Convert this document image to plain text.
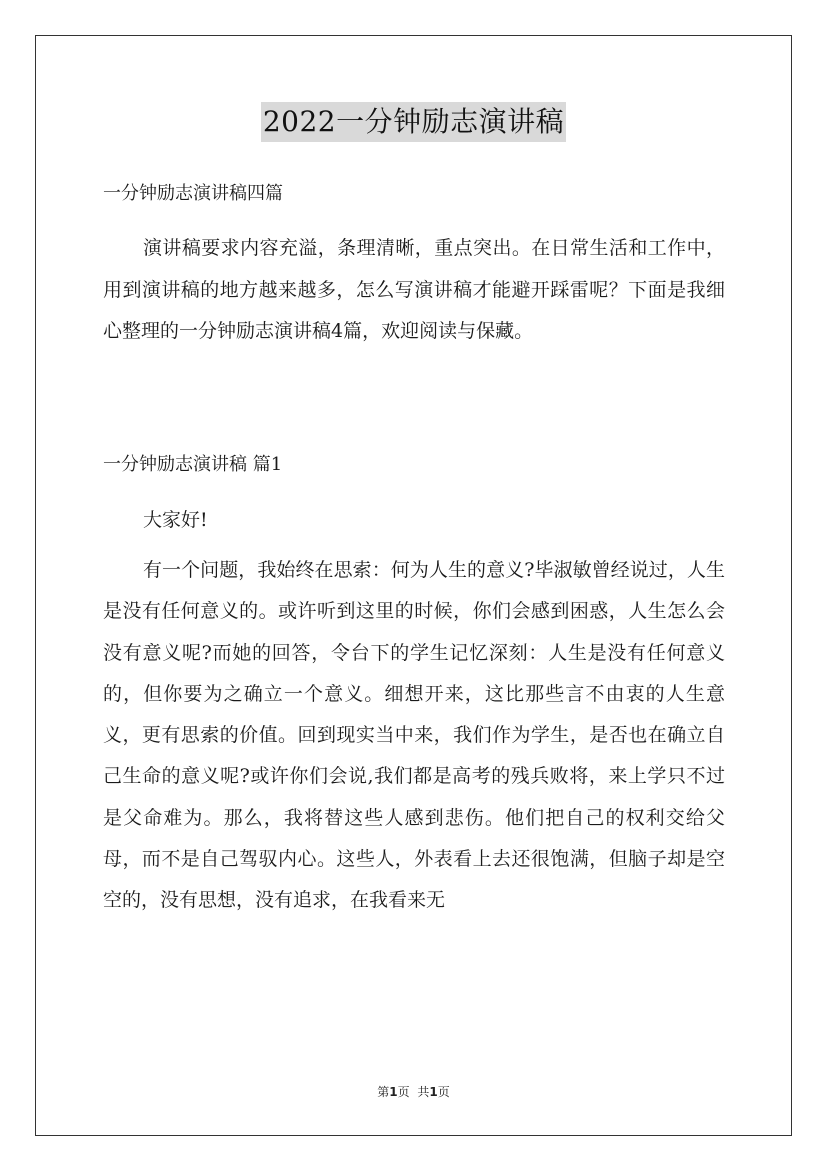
2022一分钟励志演讲稿
一分钟励志演讲稿四篇

演讲稿要求内容充溢，条理清晰，重点突出。在日常生活和工作中，用到演讲稿的地方越来越多，怎么写演讲稿才能避开踩雷呢？下面是我细心整理的一分钟励志演讲稿4篇，欢迎阅读与保藏。

一分钟励志演讲稿 篇1
大家好!

有一个问题，我始终在思索：何为人生的意义?毕淑敏曾经说过，人生是没有任何意义的。或许听到这里的时候，你们会感到困惑，人生怎么会没有意义呢?而她的回答，令台下的学生记忆深刻：人生是没有任何意义的，但你要为之确立一个意义。细想开来，这比那些言不由衷的人生意义，更有思索的价值。回到现实当中来，我们作为学生，是否也在确立自己生命的意义呢?或许你们会说,我们都是高考的残兵败将，来上学只不过是父命难为。那么，我将替这些人感到悲伤。他们把自己的权利交给父母，而不是自己驾驭内心。这些人，外表看上去还很饱满，但脑子却是空空的，没有思想，没有追求，在我看来无

第1页 共1页
